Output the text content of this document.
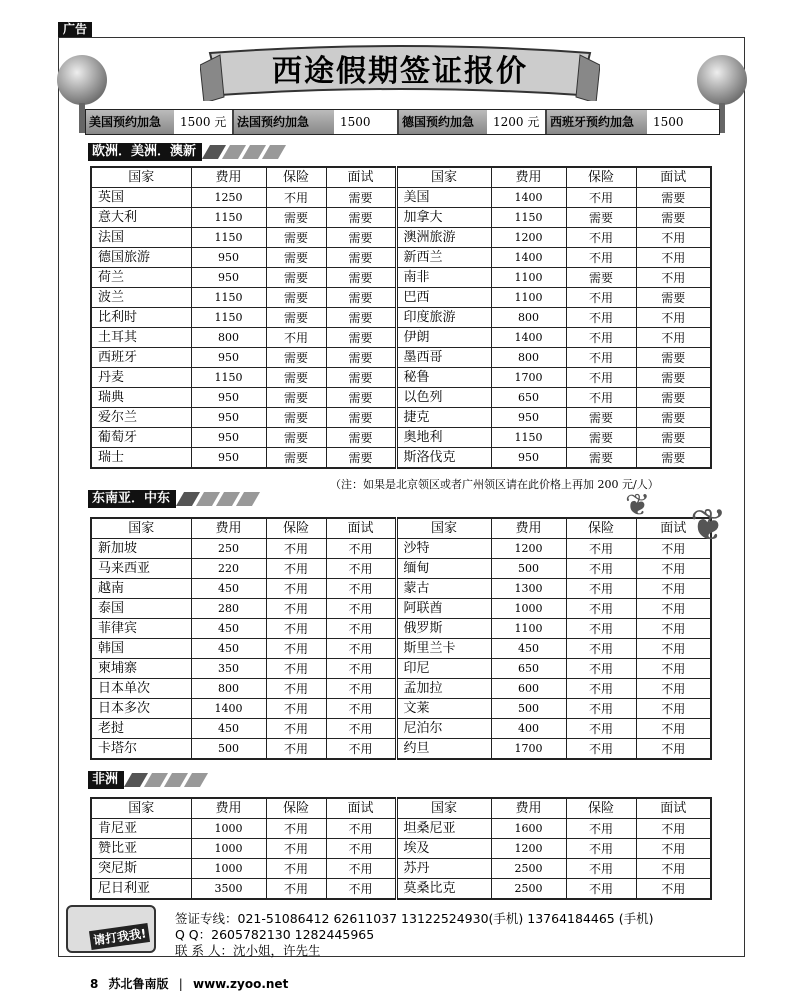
广告
西途假期签证报价
美国预约加急	1500 元 法国预约加急	1500	德国预约加急	1200 元 西班牙预约加急	1500
欧洲．美洲．澳新
国家	费用	保险	面试	国家	费用	保险	面试
英国	1250	不用	需要	美国	1400	不用	需要
意大利	1150	需要	需要	加拿大	1150	需要	需要
法国	1150	需要	需要	澳洲旅游	1200	不用	不用
德国旅游	950	需要	需要	新西兰	1400	不用	不用
荷兰	950	需要	需要	南非	1100	需要	不用
波兰	1150	需要	需要	巴西	1100	不用	需要
比利时	1150	需要	需要	印度旅游	800	不用	不用
土耳其	800	不用	需要	伊朗	1400	不用	不用
西班牙	950	需要	需要	墨西哥	800	不用	需要
丹麦	1150	需要	需要	秘鲁	1700	不用	需要
瑞典	950	需要	需要	以色列	650	不用	需要
爱尔兰	950	需要	需要	捷克	950	需要	需要
葡萄牙	950	需要	需要	奥地利	1150	需要	需要
瑞士	950	需要	需要	斯洛伐克	950	需要	需要
（注：如果是北京领区或者广州领区请在此价格上再加 200 元/人）
东南亚．中东
国家	费用	保险	面试	国家	费用	保险	面试
新加坡	250	不用	不用	沙特	1200	不用	不用
马来西亚	220	不用	不用	缅甸	500	不用	不用
越南	450	不用	不用	蒙古	1300	不用	不用
泰国	280	不用	不用	阿联酋	1000	不用	不用
菲律宾	450	不用	不用	俄罗斯	1100	不用	不用
韩国	450	不用	不用	斯里兰卡	450	不用	不用
柬埔寨	350	不用	不用	印尼	650	不用	不用
日本单次	800	不用	不用	孟加拉	600	不用	不用
日本多次	1400	不用	不用	文莱	500	不用	不用
老挝	450	不用	不用	尼泊尔	400	不用	不用
卡塔尔	500	不用	不用	约旦	1700	不用	不用
非洲
国家	费用	保险	面试	国家	费用	保险	面试
肯尼亚	1000	不用	不用	坦桑尼亚	1600	不用	不用
赞比亚	1000	不用	不用	埃及	1200	不用	不用
突尼斯	1000	不用	不用	苏丹	2500	不用	不用
尼日利亚	3500	不用	不用	莫桑比克	2500	不用	不用
❦ ❦
请打我我!
签证专线：021-51086412 62611037 13122524930(手机) 13764184465 (手机)
Q Q：2605782130 1282445965
联 系 人：沈小姐，许先生
8 苏北鲁南版 | www.zyoo.net
